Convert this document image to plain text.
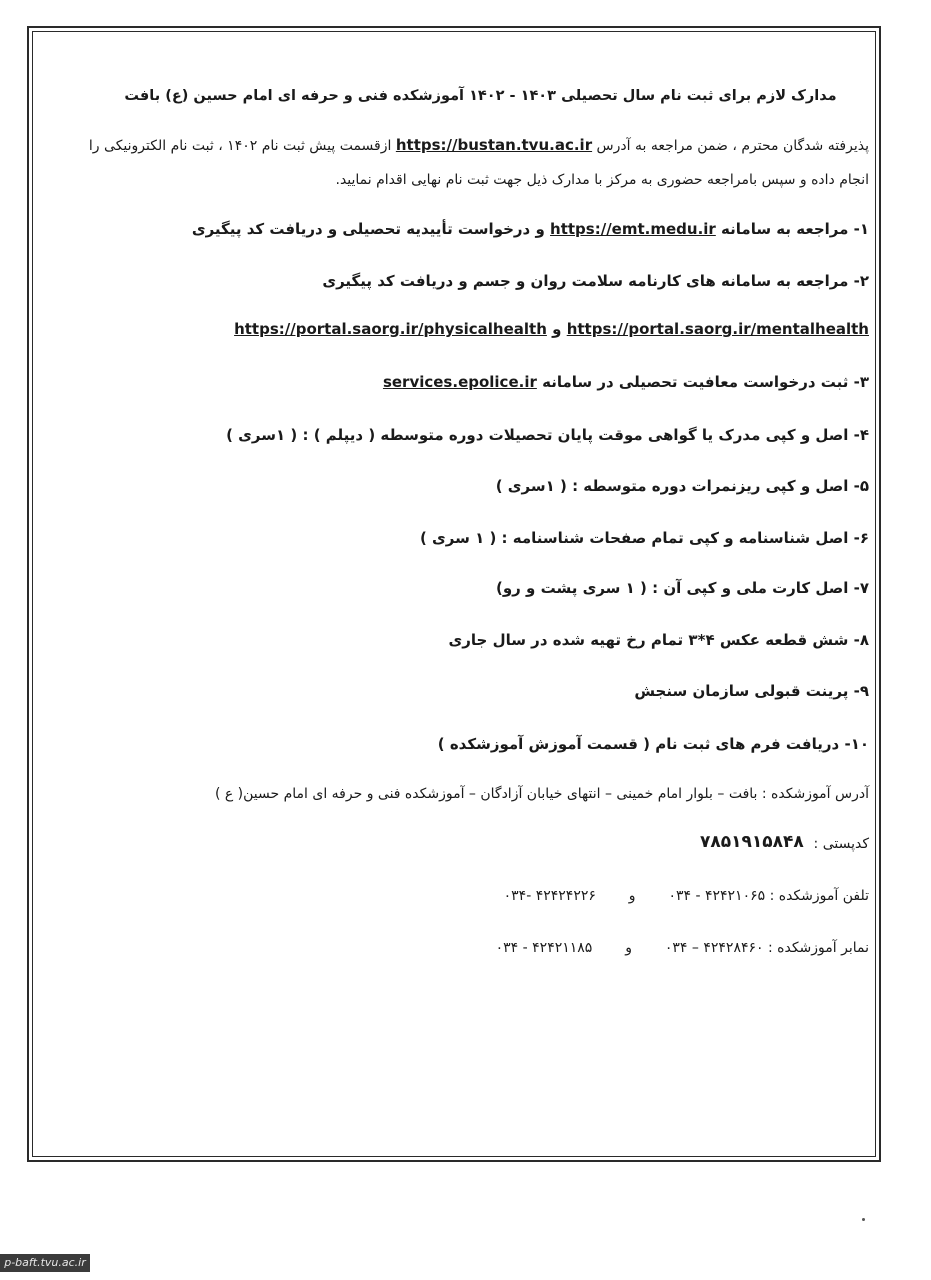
مدارک لازم برای ثبت نام سال تحصیلی ۱۴۰۳ - ۱۴۰۲ آموزشکده فنی و حرفه ای امام حسین (ع) بافت
پذیرفته شدگان محترم ، ضمن مراجعه به آدرس https://bustan.tvu.ac.ir ازقسمت پیش ثبت نام ۱۴۰۲ ، ثبت نام الکترونیکی را
انجام داده و سپس بامراجعه حضوری به مرکز با مدارک ذیل جهت ثبت نام نهایی اقدام نمایید.
۱- مراجعه به سامانه https://emt.medu.ir و درخواست تأییدیه تحصیلی و دریافت کد پیگیری
۲- مراجعه به سامانه های کارنامه سلامت روان و جسم و دریافت کد پیگیری
https://portal.saorg.ir/mentalhealth و https://portal.saorg.ir/physicalhealth
۳- ثبت درخواست معافیت تحصیلی در سامانه services.epolice.ir
۴- اصل و کپی مدرک یا گواهی موقت پایان تحصیلات دوره متوسطه ( دیپلم ) : ( ۱سری )
۵- اصل و کپی ریزنمرات دوره متوسطه : ( ۱سری )
۶- اصل شناسنامه و کپی تمام صفحات شناسنامه : ( ۱ سری )
۷- اصل کارت ملی و کپی آن : ( ۱ سری پشت و رو)
۸- شش قطعه عکس ۴*۳ تمام رخ تهیه شده در سال جاری
۹- پرینت قبولی سازمان سنجش
۱۰- دریافت فرم های ثبت نام ( قسمت آموزش آموزشکده )
آدرس آموزشکده : بافت – بلوار امام خمینی – انتهای خیابان آزادگان – آموزشکده فنی و حرفه ای امام حسین( ع )
کدپستی :
۷۸۵۱۹۱۵۸۴۸
تلفن آموزشکده : ۴۲۴۲۱۰۶۵ - ۰۳۴  و  ۴۲۴۲۴۲۲۶ -۰۳۴
نمابر آموزشکده : ۴۲۴۲۸۴۶۰ – ۰۳۴  و  ۴۲۴۲۱۱۸۵ - ۰۳۴
p-baft.tvu.ac.ir
